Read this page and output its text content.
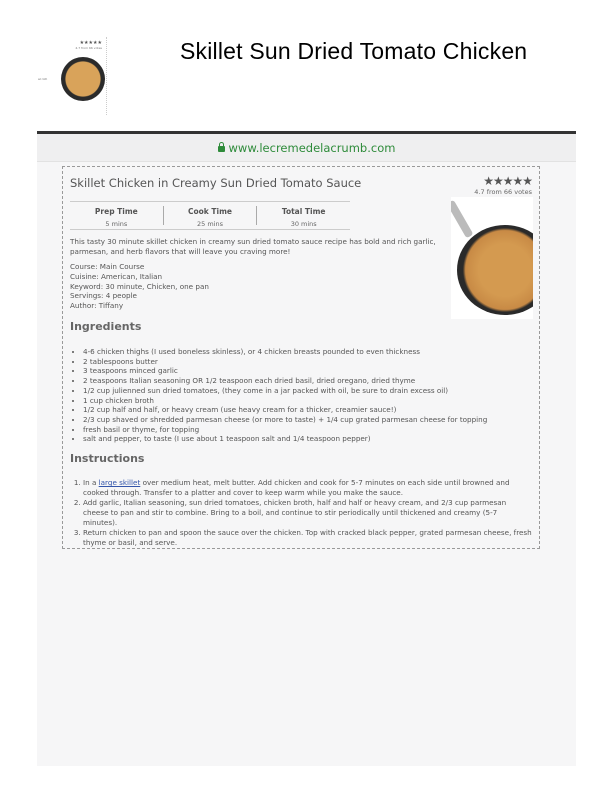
Skillet Sun Dried Tomato Chicken
★★★★★
4.7 from 66 votes
al rich
www.lecremedelacrumb.com
Skillet Chicken in Creamy Sun Dried Tomato Sauce	★★★★★
4.7 from 66 votes
Prep Time
5 mins
Cook Time
25 mins
Total Time
30 mins
This tasty 30 minute skillet chicken in creamy sun dried tomato sauce recipe has bold and rich garlic, parmesan, and herb flavors that will leave you craving more!
Course: Main Course
Cuisine: American, Italian
Keyword: 30 minute, Chicken, one pan
Servings: 4 people
Author: Tiffany
Ingredients
• 4-6 chicken thighs (I used boneless skinless), or 4 chicken breasts pounded to even thickness
• 2 tablespoons butter
• 3 teaspoons minced garlic
• 2 teaspoons Italian seasoning OR 1/2 teaspoon each dried basil, dried oregano, dried thyme
• 1/2 cup julienned sun dried tomatoes, (they come in a jar packed with oil, be sure to drain excess oil)
• 1 cup chicken broth
• 1/2 cup half and half, or heavy cream (use heavy cream for a thicker, creamier sauce!)
• 2/3 cup shaved or shredded parmesan cheese (or more to taste) + 1/4 cup grated parmesan cheese for topping
• fresh basil or thyme, for topping
• salt and pepper, to taste (I use about 1 teaspoon salt and 1/4 teaspoon pepper)
Instructions
1. In a large skillet over medium heat, melt butter. Add chicken and cook for 5-7 minutes on each side until browned and cooked through. Transfer to a platter and cover to keep warm while you make the sauce.
2. Add garlic, Italian seasoning, sun dried tomatoes, chicken broth, half and half or heavy cream, and 2/3 cup parmesan cheese to pan and stir to combine. Bring to a boil, and continue to stir periodically until thickened and creamy (5-7 minutes).
3. Return chicken to pan and spoon the sauce over the chicken. Top with cracked black pepper, grated parmesan cheese, fresh thyme or basil, and serve.
